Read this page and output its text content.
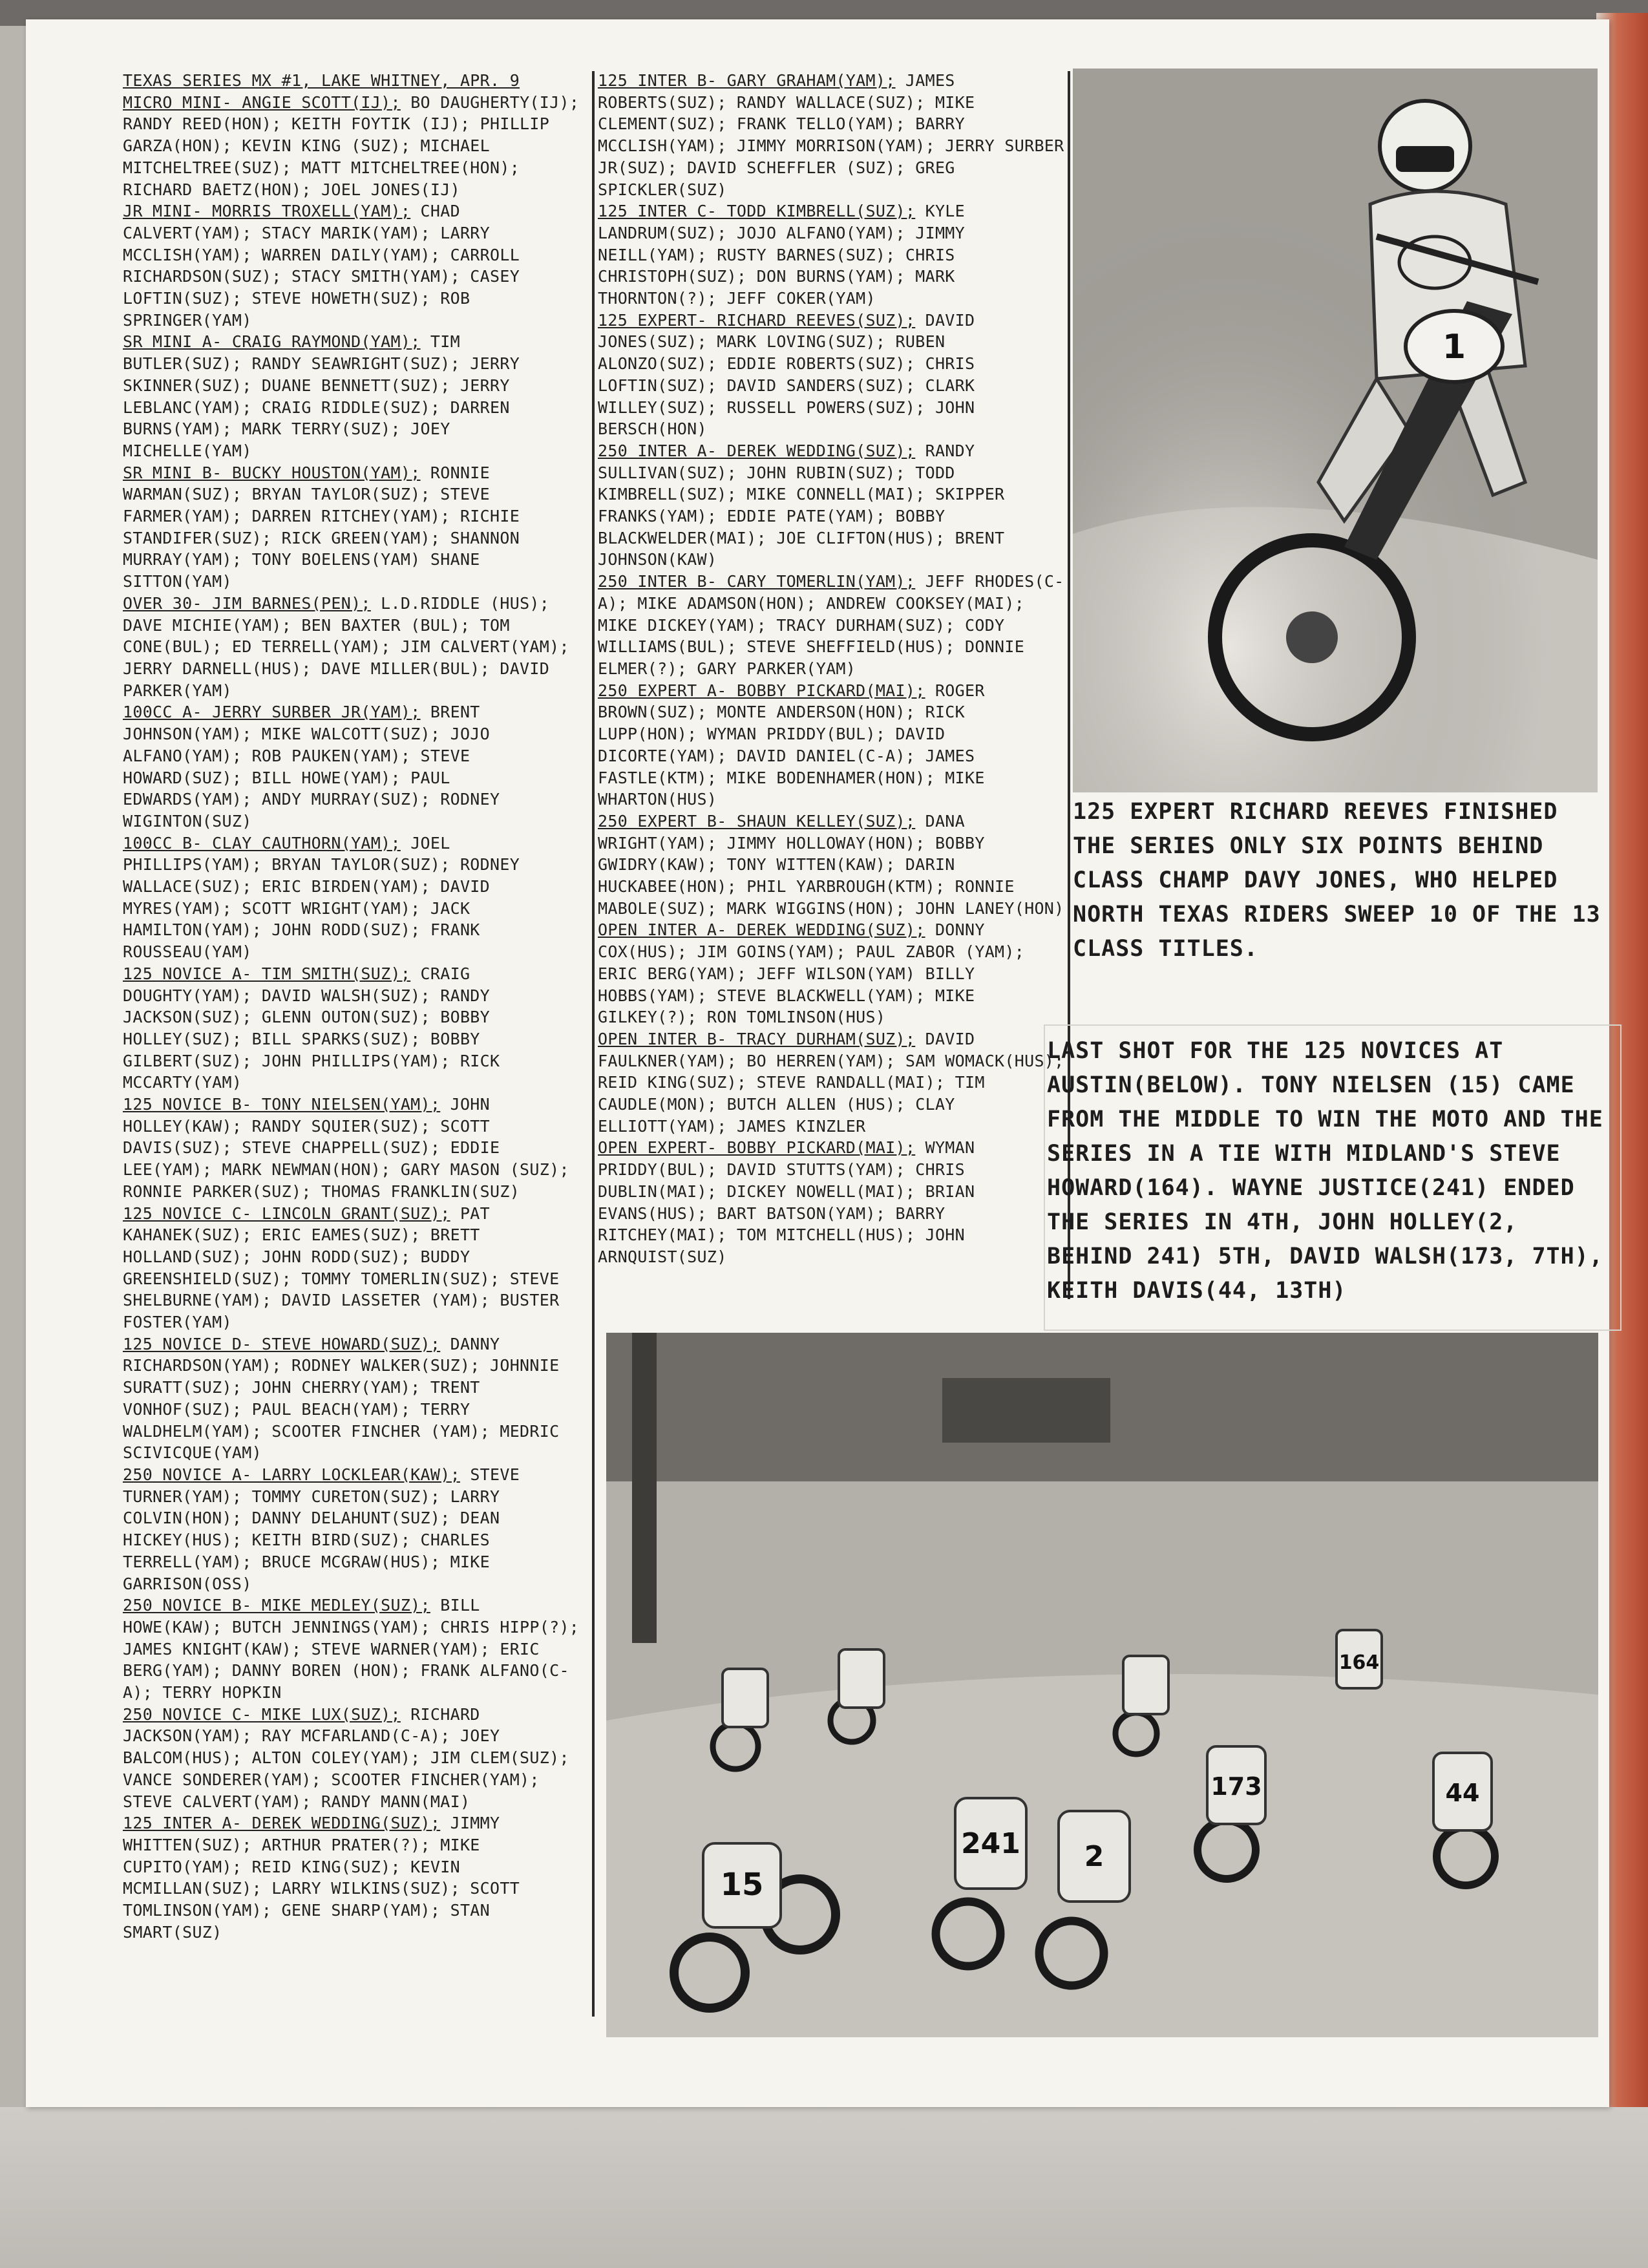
TEXAS SERIES MX #1, LAKE WHITNEY, APR. 9

MICRO MINI- ANGIE SCOTT(IJ); BO DAUGHERTY(IJ); RANDY REED(HON); KEITH FOYTIK (IJ); PHILLIP GARZA(HON); KEVIN KING (SUZ); MICHAEL MITCHELTREE(SUZ); MATT MITCHELTREE(HON); RICHARD BAETZ(HON); JOEL JONES(IJ)

JR MINI- MORRIS TROXELL(YAM); CHAD CALVERT(YAM); STACY MARIK(YAM); LARRY MCCLISH(YAM); WARREN DAILY(YAM); CARROLL RICHARDSON(SUZ); STACY SMITH(YAM); CASEY LOFTIN(SUZ); STEVE HOWETH(SUZ); ROB SPRINGER(YAM)

SR MINI A- CRAIG RAYMOND(YAM); TIM BUTLER(SUZ); RANDY SEAWRIGHT(SUZ); JERRY SKINNER(SUZ); DUANE BENNETT(SUZ); JERRY LEBLANC(YAM); CRAIG RIDDLE(SUZ); DARREN BURNS(YAM); MARK TERRY(SUZ); JOEY MICHELLE(YAM)

SR MINI B- BUCKY HOUSTON(YAM); RONNIE WARMAN(SUZ); BRYAN TAYLOR(SUZ); STEVE FARMER(YAM); DARREN RITCHEY(YAM); RICHIE STANDIFER(SUZ); RICK GREEN(YAM); SHANNON MURRAY(YAM); TONY BOELENS(YAM) SHANE SITTON(YAM)

OVER 30- JIM BARNES(PEN); L.D.RIDDLE (HUS); DAVE MICHIE(YAM); BEN BAXTER (BUL); TOM CONE(BUL); ED TERRELL(YAM); JIM CALVERT(YAM); JERRY DARNELL(HUS); DAVE MILLER(BUL); DAVID PARKER(YAM)

100CC A- JERRY SURBER JR(YAM); BRENT JOHNSON(YAM); MIKE WALCOTT(SUZ); JOJO ALFANO(YAM); ROB PAUKEN(YAM); STEVE HOWARD(SUZ); BILL HOWE(YAM); PAUL EDWARDS(YAM); ANDY MURRAY(SUZ); RODNEY WIGINTON(SUZ)

100CC B- CLAY CAUTHORN(YAM); JOEL PHILLIPS(YAM); BRYAN TAYLOR(SUZ); RODNEY WALLACE(SUZ); ERIC BIRDEN(YAM); DAVID MYRES(YAM); SCOTT WRIGHT(YAM); JACK HAMILTON(YAM); JOHN RODD(SUZ); FRANK ROUSSEAU(YAM)

125 NOVICE A- TIM SMITH(SUZ); CRAIG DOUGHTY(YAM); DAVID WALSH(SUZ); RANDY JACKSON(SUZ); GLENN OUTON(SUZ); BOBBY HOLLEY(SUZ); BILL SPARKS(SUZ); BOBBY GILBERT(SUZ); JOHN PHILLIPS(YAM); RICK MCCARTY(YAM)

125 NOVICE B- TONY NIELSEN(YAM); JOHN HOLLEY(KAW); RANDY SQUIER(SUZ); SCOTT DAVIS(SUZ); STEVE CHAPPELL(SUZ); EDDIE LEE(YAM); MARK NEWMAN(HON); GARY MASON (SUZ); RONNIE PARKER(SUZ); THOMAS FRANKLIN(SUZ)

125 NOVICE C- LINCOLN GRANT(SUZ); PAT KAHANEK(SUZ); ERIC EAMES(SUZ); BRETT HOLLAND(SUZ); JOHN RODD(SUZ); BUDDY GREENSHIELD(SUZ); TOMMY TOMERLIN(SUZ); STEVE SHELBURNE(YAM); DAVID LASSETER (YAM); BUSTER FOSTER(YAM)

125 NOVICE D- STEVE HOWARD(SUZ); DANNY RICHARDSON(YAM); RODNEY WALKER(SUZ); JOHNNIE SURATT(SUZ); JOHN CHERRY(YAM); TRENT VONHOF(SUZ); PAUL BEACH(YAM); TERRY WALDHELM(YAM); SCOOTER FINCHER (YAM); MEDRIC SCIVICQUE(YAM)

250 NOVICE A- LARRY LOCKLEAR(KAW); STEVE TURNER(YAM); TOMMY CURETON(SUZ); LARRY COLVIN(HON); DANNY DELAHUNT(SUZ); DEAN HICKEY(HUS); KEITH BIRD(SUZ); CHARLES TERRELL(YAM); BRUCE MCGRAW(HUS); MIKE GARRISON(OSS)

250 NOVICE B- MIKE MEDLEY(SUZ); BILL HOWE(KAW); BUTCH JENNINGS(YAM); CHRIS HIPP(?); JAMES KNIGHT(KAW); STEVE WARNER(YAM); ERIC BERG(YAM); DANNY BOREN (HON); FRANK ALFANO(C-A); TERRY HOPKIN

250 NOVICE C- MIKE LUX(SUZ); RICHARD JACKSON(YAM); RAY MCFARLAND(C-A); JOEY BALCOM(HUS); ALTON COLEY(YAM); JIM CLEM(SUZ); VANCE SONDERER(YAM); SCOOTER FINCHER(YAM); STEVE CALVERT(YAM); RANDY MANN(MAI)

125 INTER A- DEREK WEDDING(SUZ); JIMMY WHITTEN(SUZ); ARTHUR PRATER(?); MIKE CUPITO(YAM); REID KING(SUZ); KEVIN MCMILLAN(SUZ); LARRY WILKINS(SUZ); SCOTT TOMLINSON(YAM); GENE SHARP(YAM); STAN SMART(SUZ)

125 INTER B- GARY GRAHAM(YAM); JAMES ROBERTS(SUZ); RANDY WALLACE(SUZ); MIKE CLEMENT(SUZ); FRANK TELLO(YAM); BARRY MCCLISH(YAM); JIMMY MORRISON(YAM); JERRY SURBER JR(SUZ); DAVID SCHEFFLER (SUZ); GREG SPICKLER(SUZ)

125 INTER C- TODD KIMBRELL(SUZ); KYLE LANDRUM(SUZ); JOJO ALFANO(YAM); JIMMY NEILL(YAM); RUSTY BARNES(SUZ); CHRIS CHRISTOPH(SUZ); DON BURNS(YAM); MARK THORNTON(?); JEFF COKER(YAM)

125 EXPERT- RICHARD REEVES(SUZ); DAVID JONES(SUZ); MARK LOVING(SUZ); RUBEN ALONZO(SUZ); EDDIE ROBERTS(SUZ); CHRIS LOFTIN(SUZ); DAVID SANDERS(SUZ); CLARK WILLEY(SUZ); RUSSELL POWERS(SUZ); JOHN BERSCH(HON)

250 INTER A- DEREK WEDDING(SUZ); RANDY SULLIVAN(SUZ); JOHN RUBIN(SUZ); TODD KIMBRELL(SUZ); MIKE CONNELL(MAI); SKIPPER FRANKS(YAM); EDDIE PATE(YAM); BOBBY BLACKWELDER(MAI); JOE CLIFTON(HUS); BRENT JOHNSON(KAW)

250 INTER B- CARY TOMERLIN(YAM); JEFF RHODES(C-A); MIKE ADAMSON(HON); ANDREW COOKSEY(MAI); MIKE DICKEY(YAM); TRACY DURHAM(SUZ); CODY WILLIAMS(BUL); STEVE SHEFFIELD(HUS); DONNIE ELMER(?); GARY PARKER(YAM)

250 EXPERT A- BOBBY PICKARD(MAI); ROGER BROWN(SUZ); MONTE ANDERSON(HON); RICK LUPP(HON); WYMAN PRIDDY(BUL); DAVID DICORTE(YAM); DAVID DANIEL(C-A); JAMES FASTLE(KTM); MIKE BODENHAMER(HON); MIKE WHARTON(HUS)

250 EXPERT B- SHAUN KELLEY(SUZ); DANA WRIGHT(YAM); JIMMY HOLLOWAY(HON); BOBBY GWIDRY(KAW); TONY WITTEN(KAW); DARIN HUCKABEE(HON); PHIL YARBROUGH(KTM); RONNIE MABOLE(SUZ); MARK WIGGINS(HON); JOHN LANEY(HON)

OPEN INTER A- DEREK WEDDING(SUZ); DONNY COX(HUS); JIM GOINS(YAM); PAUL ZABOR (YAM); ERIC BERG(YAM); JEFF WILSON(YAM) BILLY HOBBS(YAM); STEVE BLACKWELL(YAM); MIKE GILKEY(?); RON TOMLINSON(HUS)

OPEN INTER B- TRACY DURHAM(SUZ); DAVID FAULKNER(YAM); BO HERREN(YAM); SAM WOMACK(HUS); REID KING(SUZ); STEVE RANDALL(MAI); TIM CAUDLE(MON); BUTCH ALLEN (HUS); CLAY ELLIOTT(YAM); JAMES KINZLER

OPEN EXPERT- BOBBY PICKARD(MAI); WYMAN PRIDDY(BUL); DAVID STUTTS(YAM); CHRIS DUBLIN(MAI); DICKEY NOWELL(MAI); BRIAN EVANS(HUS); BART BATSON(YAM); BARRY RITCHEY(MAI); TOM MITCHELL(HUS); JOHN ARNQUIST(SUZ)

1
125 EXPERT RICHARD REEVES FINISHED THE SERIES ONLY SIX POINTS BEHIND CLASS CHAMP DAVY JONES, WHO HELPED NORTH TEXAS RIDERS SWEEP 10 OF THE 13 CLASS TITLES.
LAST SHOT FOR THE 125 NOVICES AT AUSTIN(BELOW). TONY NIELSEN (15) CAME FROM THE MIDDLE TO WIN THE MOTO AND THE SERIES IN A TIE WITH MIDLAND'S STEVE HOWARD(164). WAYNE JUSTICE(241) ENDED THE SERIES IN 4TH, JOHN HOLLEY(2, BEHIND 241) 5TH, DAVID WALSH(173, 7TH), KEITH DAVIS(44, 13TH)
15
241 2
173	44
164
